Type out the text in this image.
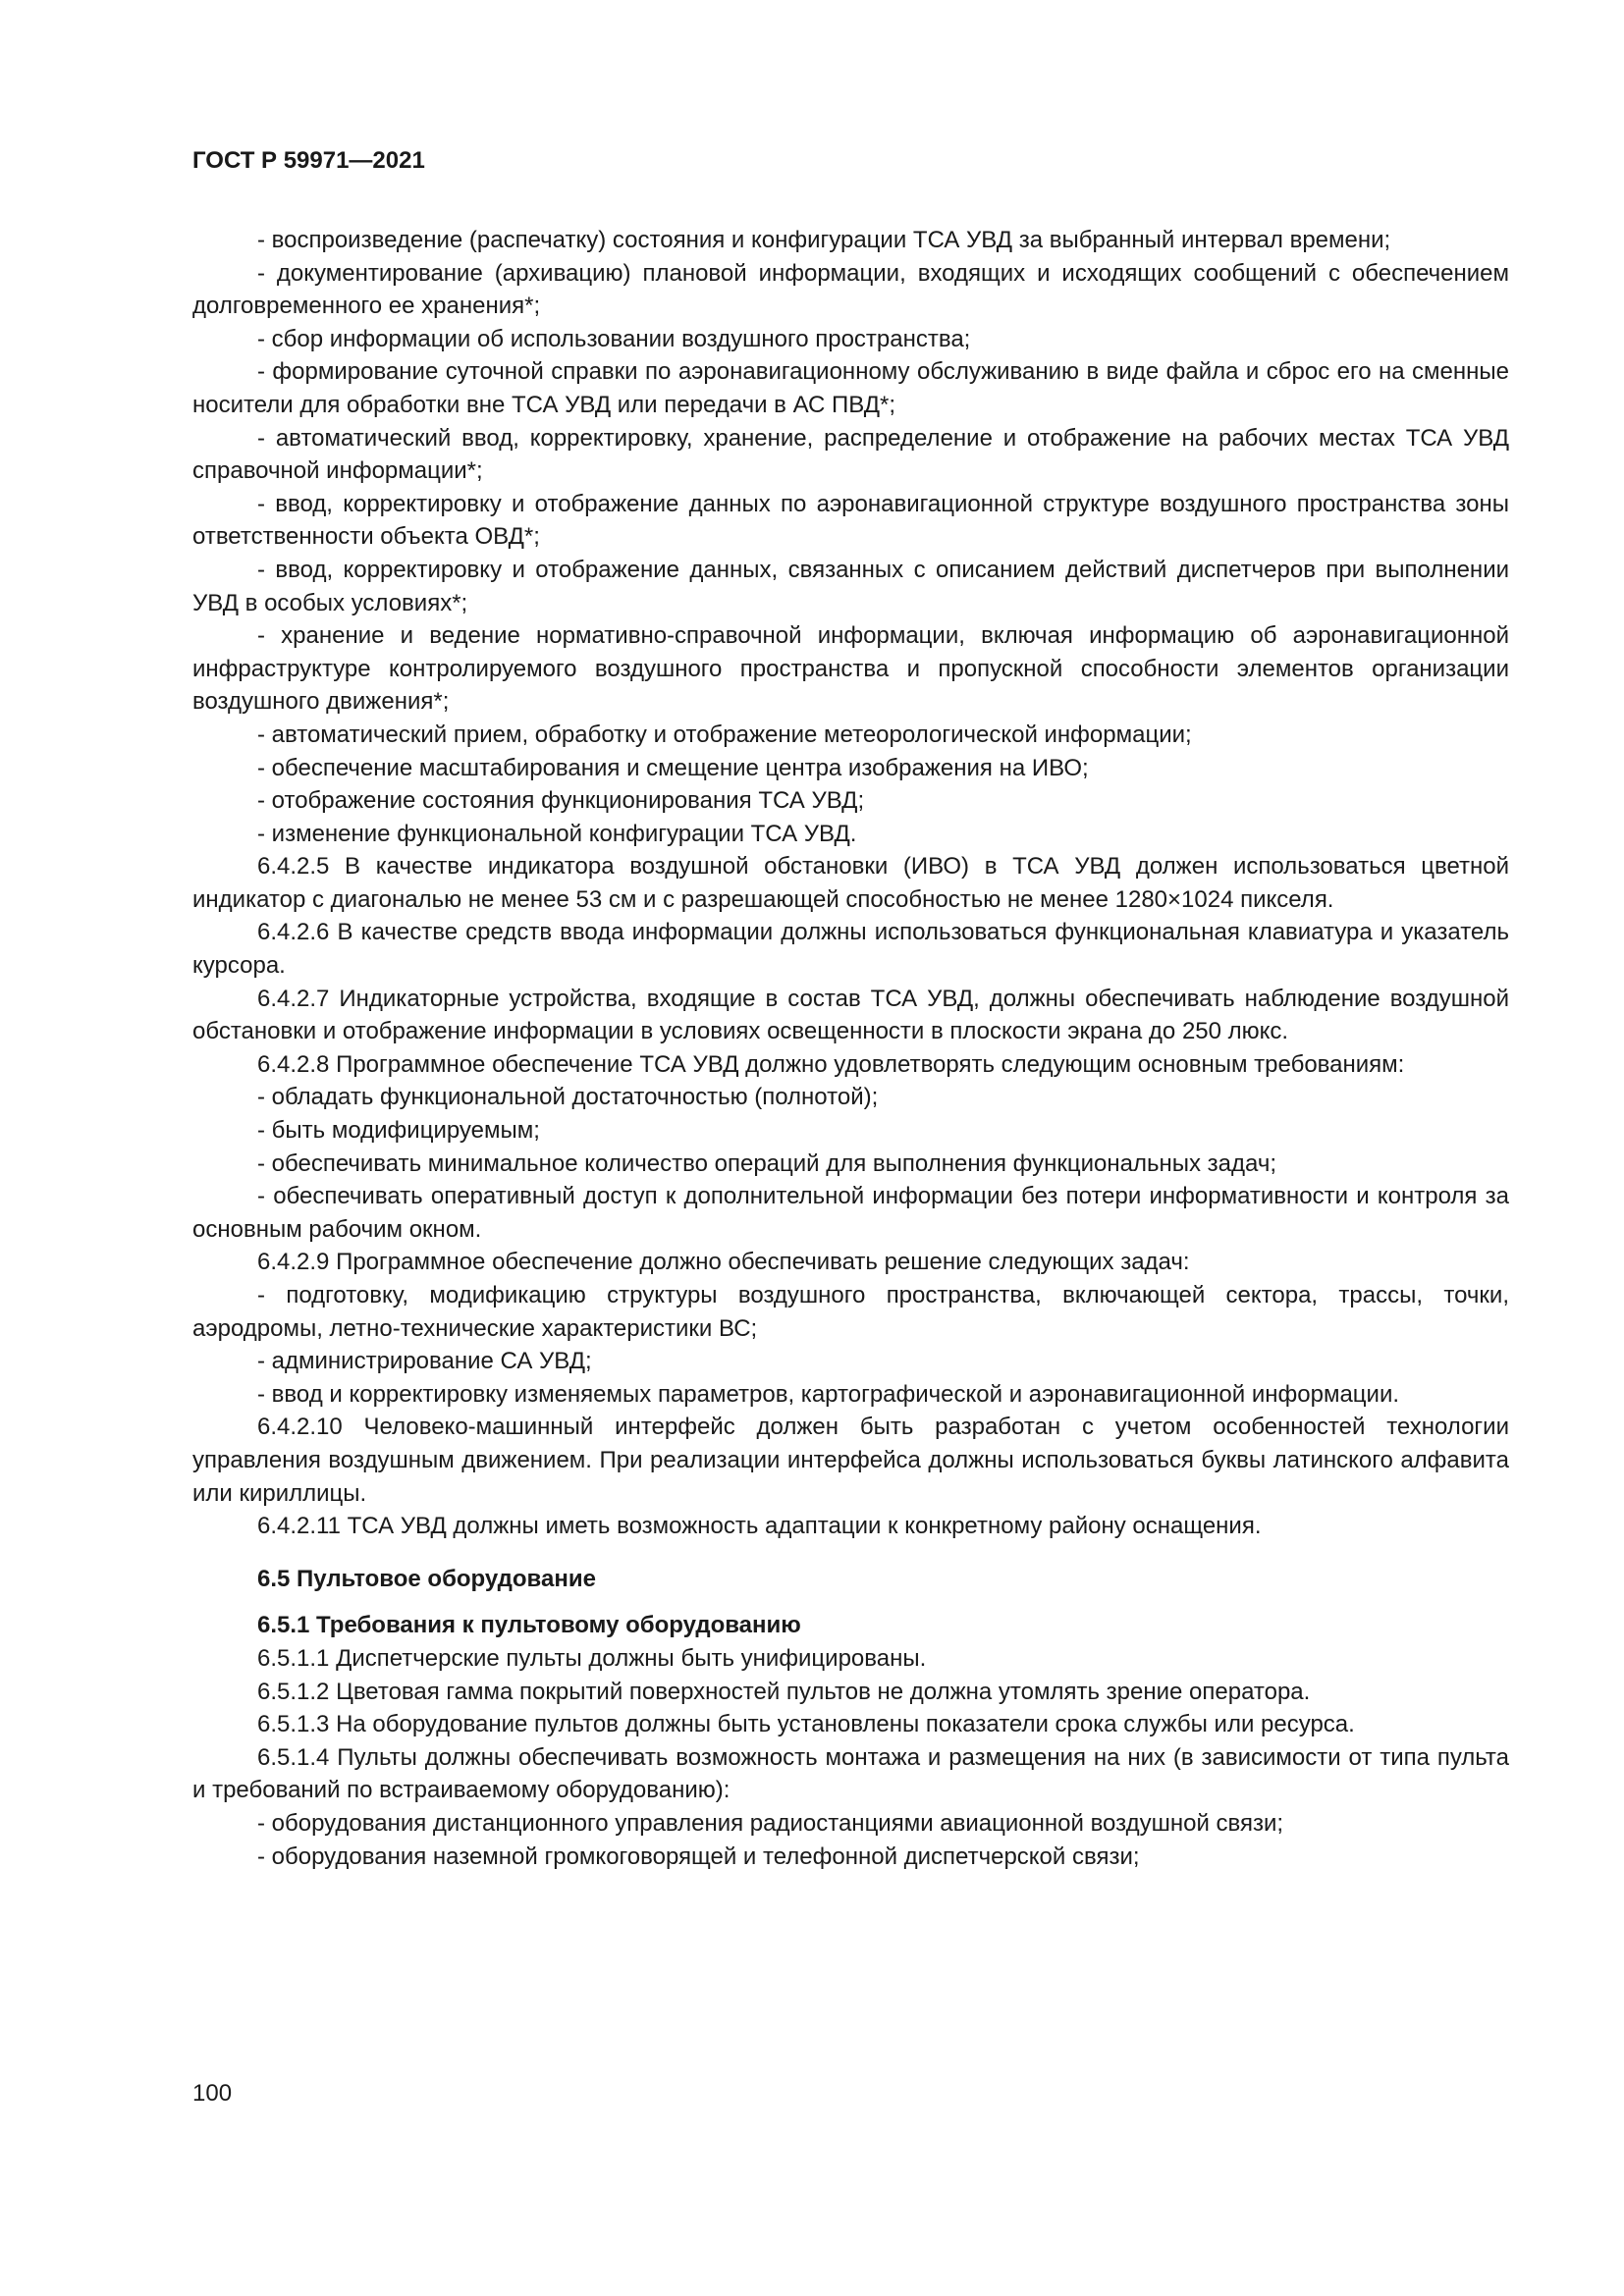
ГОСТ Р 59971—2021

- воспроизведение (распечатку) состояния и конфигурации ТСА УВД за выбранный интервал времени;

- документирование (архивацию) плановой информации, входящих и исходящих сообщений с обеспечением долговременного ее хранения*;

- сбор информации об использовании воздушного пространства;

- формирование суточной справки по аэронавигационному обслуживанию в виде файла и сброс его на сменные носители для обработки вне ТСА УВД или передачи в АС ПВД*;

- автоматический ввод, корректировку, хранение, распределение и отображение на рабочих местах ТСА УВД справочной информации*;

- ввод, корректировку и отображение данных по аэронавигационной структуре воздушного пространства зоны ответственности объекта ОВД*;

- ввод, корректировку и отображение данных, связанных с описанием действий диспетчеров при выполнении УВД в особых условиях*;

- хранение и ведение нормативно-справочной информации, включая информацию об аэронавигационной инфраструктуре контролируемого воздушного пространства и пропускной способности элементов организации воздушного движения*;

- автоматический прием, обработку и отображение метеорологической информации;

- обеспечение масштабирования и смещение центра изображения на ИВО;

- отображение состояния функционирования ТСА УВД;

- изменение функциональной конфигурации ТСА УВД.

6.4.2.5 В качестве индикатора воздушной обстановки (ИВО) в ТСА УВД должен использоваться цветной индикатор с диагональю не менее 53 см и с разрешающей способностью не менее 1280×1024 пикселя.

6.4.2.6 В качестве средств ввода информации должны использоваться функциональная клавиатура и указатель курсора.

6.4.2.7 Индикаторные устройства, входящие в состав ТСА УВД, должны обеспечивать наблюдение воздушной обстановки и отображение информации в условиях освещенности в плоскости экрана до 250 люкс.

6.4.2.8 Программное обеспечение ТСА УВД должно удовлетворять следующим основным требованиям:

- обладать функциональной достаточностью (полнотой);

- быть модифицируемым;

- обеспечивать минимальное количество операций для выполнения функциональных задач;

- обеспечивать оперативный доступ к дополнительной информации без потери информативности и контроля за основным рабочим окном.

6.4.2.9 Программное обеспечение должно обеспечивать решение следующих задач:

- подготовку, модификацию структуры воздушного пространства, включающей сектора, трассы, точки, аэродромы, летно-технические характеристики ВС;

- администрирование СА УВД;

- ввод и корректировку изменяемых параметров, картографической и аэронавигационной информации.

6.4.2.10 Человеко-машинный интерфейс должен быть разработан с учетом особенностей технологии управления воздушным движением. При реализации интерфейса должны использоваться буквы латинского алфавита или кириллицы.

6.4.2.11 ТСА УВД должны иметь возможность адаптации к конкретному району оснащения.

6.5 Пультовое оборудование

6.5.1 Требования к пультовому оборудованию

6.5.1.1 Диспетчерские пульты должны быть унифицированы.

6.5.1.2 Цветовая гамма покрытий поверхностей пультов не должна утомлять зрение оператора.

6.5.1.3 На оборудование пультов должны быть установлены показатели срока службы или ресурса.

6.5.1.4 Пульты должны обеспечивать возможность монтажа и размещения на них (в зависимости от типа пульта и требований по встраиваемому оборудованию):

- оборудования дистанционного управления радиостанциями авиационной воздушной связи;

- оборудования наземной громкоговорящей и телефонной диспетчерской связи;

100
